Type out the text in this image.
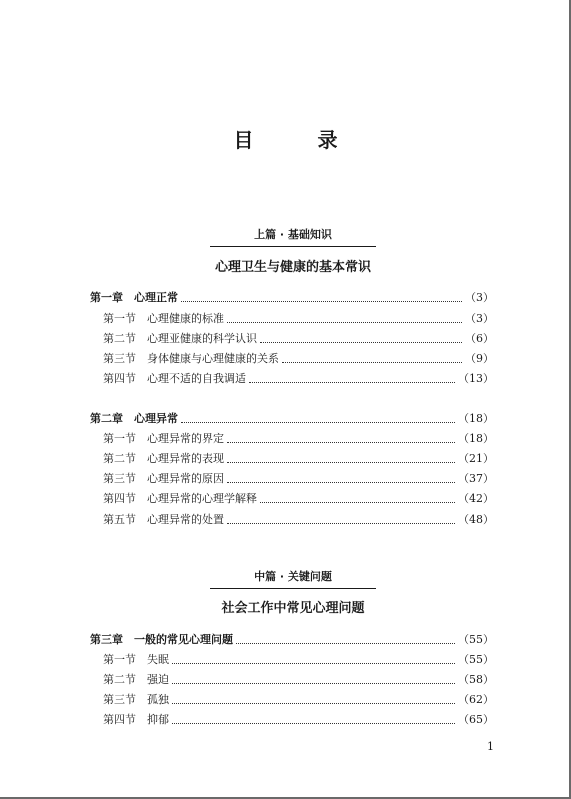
目　录
上篇 · 基础知识
心理卫生与健康的基本常识
第一章　心理正常	（3）
第一节　心理健康的标准	（3）
第二节　心理亚健康的科学认识	（6）
第三节　身体健康与心理健康的关系	（9）
第四节　心理不适的自我调适	（13）
第二章　心理异常	（18）
第一节　心理异常的界定	（18）
第二节　心理异常的表现	（21）
第三节　心理异常的原因	（37）
第四节　心理异常的心理学解释	（42）
第五节　心理异常的处置	（48）
中篇 · 关键问题
社会工作中常见心理问题
第三章　一般的常见心理问题	（55）
第一节　失眠	（55）
第二节　强迫	（58）
第三节　孤独	（62）
第四节　抑郁	（65）
1
